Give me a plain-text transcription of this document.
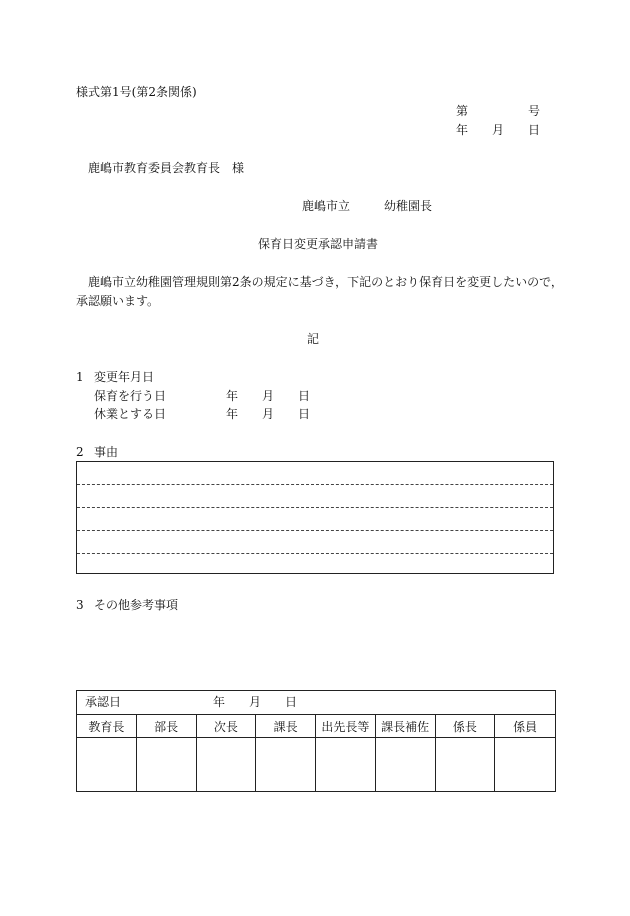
様式第1号(第2条関係)
第	号
年 月 日
鹿嶋市教育委員会教育長　様
鹿嶋市立	幼稚園長
保育日変更承認申請書
鹿嶋市立幼稚園管理規則第2条の規定に基づき，下記のとおり保育日を変更したいので，
承認願います。
記
1 変更年月日
保育を行う日	年 月 日
休業とする日	年 月 日
2 事由
3 その他参考事項
承認日	年 月 日
教育長	部長	次長	課長	出先長等 課長補佐	係長	係員
